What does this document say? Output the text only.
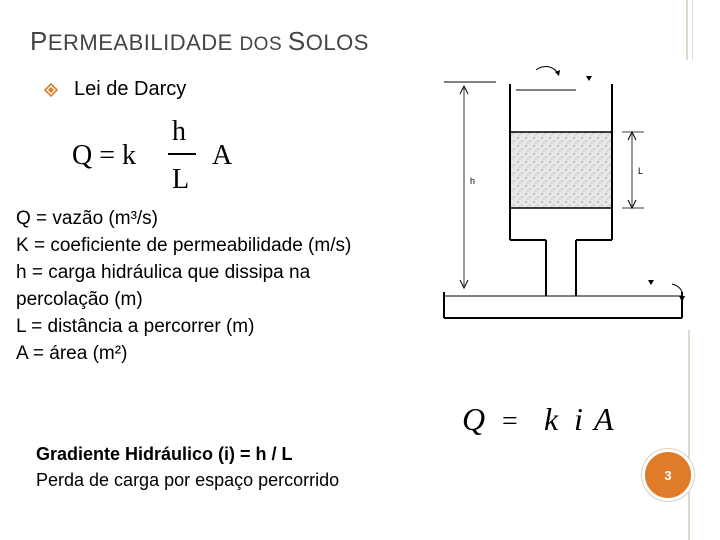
PERMEABILIDADE DOS SOLOS
Lei de Darcy
Q = k
h
L
A
Q = vazão (m³/s)
K = coeficiente de permeabilidade (m/s)
h = carga hidráulica que dissipa na
percolação (m)
L = distância a percorrer (m)
A = área (m²)
Gradiente Hidráulico (i) = h / L
Perda de carga por espaço percorrido
h
L
Q = k i A
3
